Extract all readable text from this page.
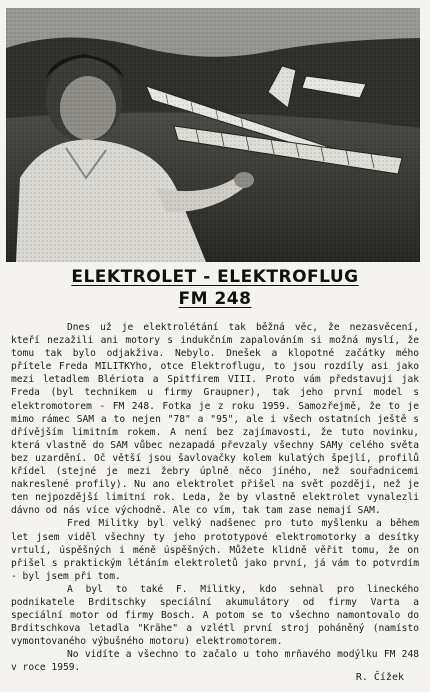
ELEKTROLET - ELEKTROFLUG
FM 248

Dnes už je elektrolétání tak běžná věc, že nezasvěcení, kteří nezažili ani motory s indukčním zapalováním si možná myslí, že tomu tak bylo odjakživa. Nebylo. Dnešek a klopotné začátky mého přítele Freda MILITKYho, otce Elektroflugu, to jsou rozdíly asi jako mezi letadlem Blériota a Spitfirem VIII. Proto vám představuji jak Freda (byl technikem u firmy Graupner), tak jeho první model s elektromotorem - FM 248. Fotka je z roku 1959. Samozřejmě, že to je mimo rámec SAM a to nejen "78" a "95", ale i všech ostatních ještě s dřívějším limitním rokem. A není bez zajímavosti, že tuto novinku, která vlastně do SAM vůbec nezapadá převzaly všechny SAMy celého světa bez uzardění. Oč větší jsou šavlovačky kolem kulatých špejlí, profilů křídel (stejné je mezi žebry úplně něco jiného, než souřadnicemi nakreslené profily). Nu ano elektrolet přišel na svět později, než je ten nejpozdější limitní rok. Leda, že by vlastně elektrolet vynalezli dávno od nás více východně. Ale co vím, tak tam zase nemají SAM.

Fred Militky byl velký nadšenec pro tuto myšlenku a během let jsem viděl všechny ty jeho prototypové elektromotorky a desítky vrtulí, úspěšných i méně úspěšných. Můžete klidně věřit tomu, že on přišel s praktickým létáním elektroletů jako první, já vám to potvrdím - byl jsem při tom.

A byl to také F. Militky, kdo sehnal pro lineckého podnikatele Brditschky speciální akumulátory od firmy Varta a speciální motor od firmy Bosch. A potom se to všechno namontovalo do Brditschkova letadla "Krähe" a vzlétl první stroj poháněný (namísto vymontovaného výbušného motoru) elektromotorem.

No vidíte a všechno to začalo u toho mrňavého modýlku FM 248 v roce 1959.

R. Čížek
